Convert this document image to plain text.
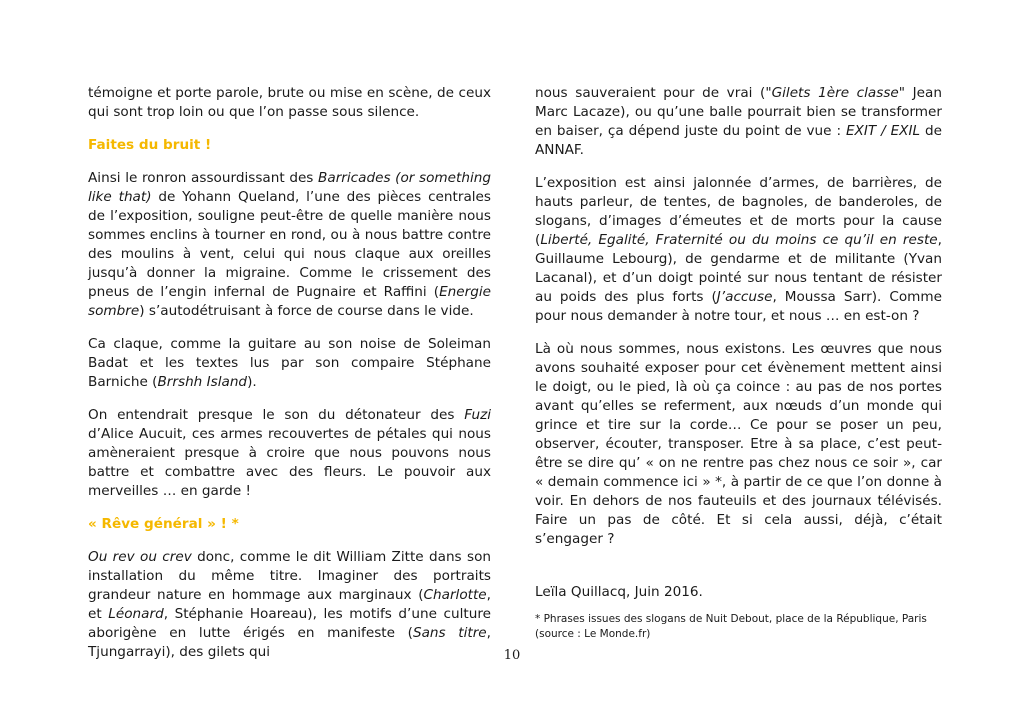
témoigne et porte parole, brute ou mise en scène, de ceux qui sont trop loin ou que l’on passe sous silence.

Faites du bruit !

Ainsi le ronron assourdissant des Barricades (or something like that) de Yohann Queland, l’une des pièces centrales de l’exposition, souligne peut-être de quelle manière nous sommes enclins à tourner en rond, ou à nous battre contre des moulins à vent, celui qui nous claque aux oreilles jusqu’à donner la migraine. Comme le crissement des pneus de l’engin infernal de Pugnaire et Raffini (Energie sombre) s’autodétruisant à force de course dans le vide.

Ca claque, comme la guitare au son noise de Soleiman Badat et les textes lus par son compaire Stéphane Barniche (Brrshh Island).

On entendrait presque le son du détonateur des Fuzi d’Alice Aucuit, ces armes recouvertes de pétales qui nous amèneraient presque à croire que nous pouvons nous battre et combattre avec des fleurs. Le pouvoir aux merveilles … en garde !

« Rêve général » ! *

Ou rev ou crev donc, comme le dit William Zitte dans son installation du même titre. Imaginer des portraits grandeur nature en hommage aux marginaux (Charlotte, et Léonard, Stéphanie Hoareau), les motifs d’une culture aborigène en lutte érigés en manifeste (Sans titre, Tjungarrayi), des gilets qui

nous sauveraient pour de vrai ("Gilets 1ère classe" Jean Marc Lacaze), ou qu’une balle pourrait bien se transformer en baiser, ça dépend juste du point de vue : EXIT / EXIL de ANNAF.

L’exposition est ainsi jalonnée d’armes, de barrières, de hauts parleur, de tentes, de bagnoles, de banderoles, de slogans, d’images d’émeutes et de morts pour la cause (Liberté, Egalité, Fraternité ou du moins ce qu’il en reste, Guillaume Lebourg), de gendarme et de militante (Yvan Lacanal), et d’un doigt pointé sur nous tentant de résister au poids des plus forts (J’accuse, Moussa Sarr). Comme pour nous demander à notre tour, et nous … en est-on ?

Là où nous sommes, nous existons. Les œuvres que nous avons souhaité exposer pour cet évènement mettent ainsi le doigt, ou le pied, là où ça coince : au pas de nos portes avant qu’elles se referment, aux nœuds d’un monde qui grince et tire sur la corde… Ce pour se poser un peu, observer, écouter, transposer. Etre à sa place, c’est peut-être se dire qu’ « on ne rentre pas chez nous ce soir », car « demain commence ici » *, à partir de ce que l’on donne à voir. En dehors de nos fauteuils et des journaux télévisés. Faire un pas de côté. Et si cela aussi, déjà, c’était s’engager ?

Leïla Quillacq, Juin 2016.

* Phrases issues des slogans de Nuit Debout, place de la République, Paris (source : Le Monde.fr)

10
